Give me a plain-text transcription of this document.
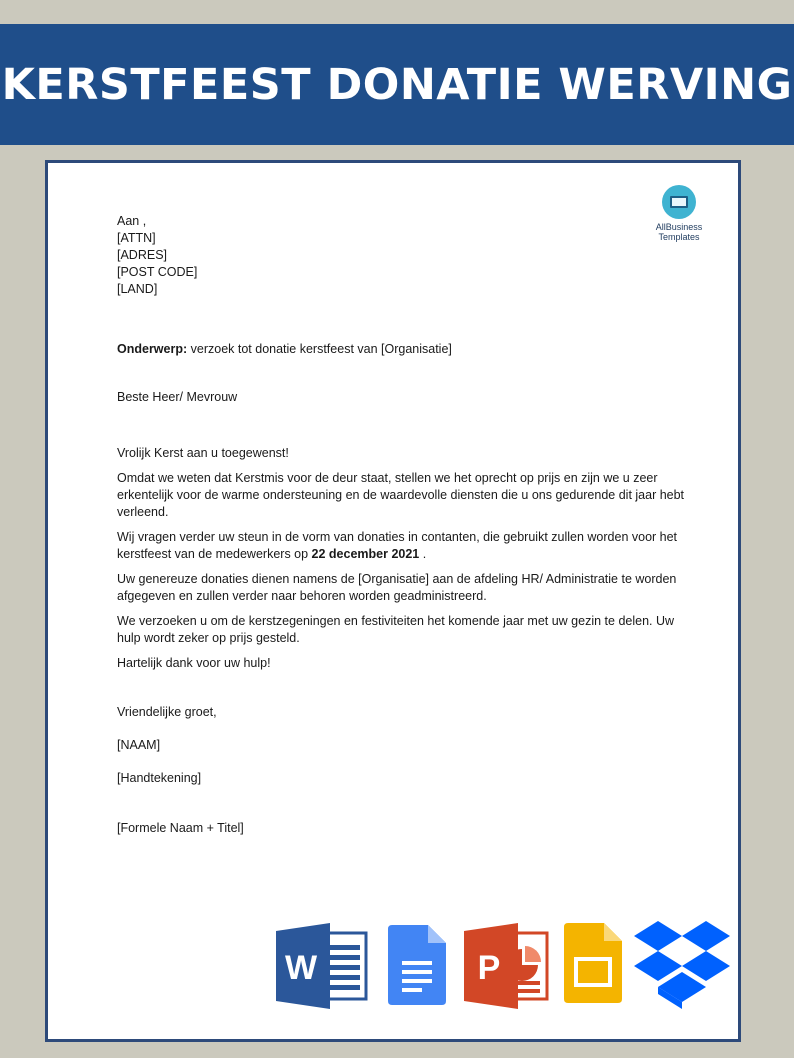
KERSTFEEST DONATIE WERVING
AllBusiness
Templates
Aan ,
[ATTN]
[ADRES]
[POST CODE]
[LAND]

Onderwerp: verzoek tot donatie kerstfeest van [Organisatie]

Beste Heer/ Mevrouw

Vrolijk Kerst aan u toegewenst!

Omdat we weten dat Kerstmis voor de deur staat, stellen we het oprecht op prijs en zijn we u zeer erkentelijk voor de warme ondersteuning en de waardevolle diensten die u ons gedurende dit jaar hebt verleend.

Wij vragen verder uw steun in de vorm van donaties in contanten, die gebruikt zullen worden voor het kerstfeest van de medewerkers op 22 december 2021 .

Uw genereuze donaties dienen namens de [Organisatie] aan de afdeling HR/ Administratie te worden afgegeven en zullen verder naar behoren worden geadministreerd.

We verzoeken u om de kerstzegeningen en festiviteiten het komende jaar met uw gezin te delen. Uw hulp wordt zeker op prijs gesteld.

Hartelijk dank voor uw hulp!

Vriendelijke groet,

[NAAM]

[Handtekening]

[Formele Naam + Titel]

W	P
